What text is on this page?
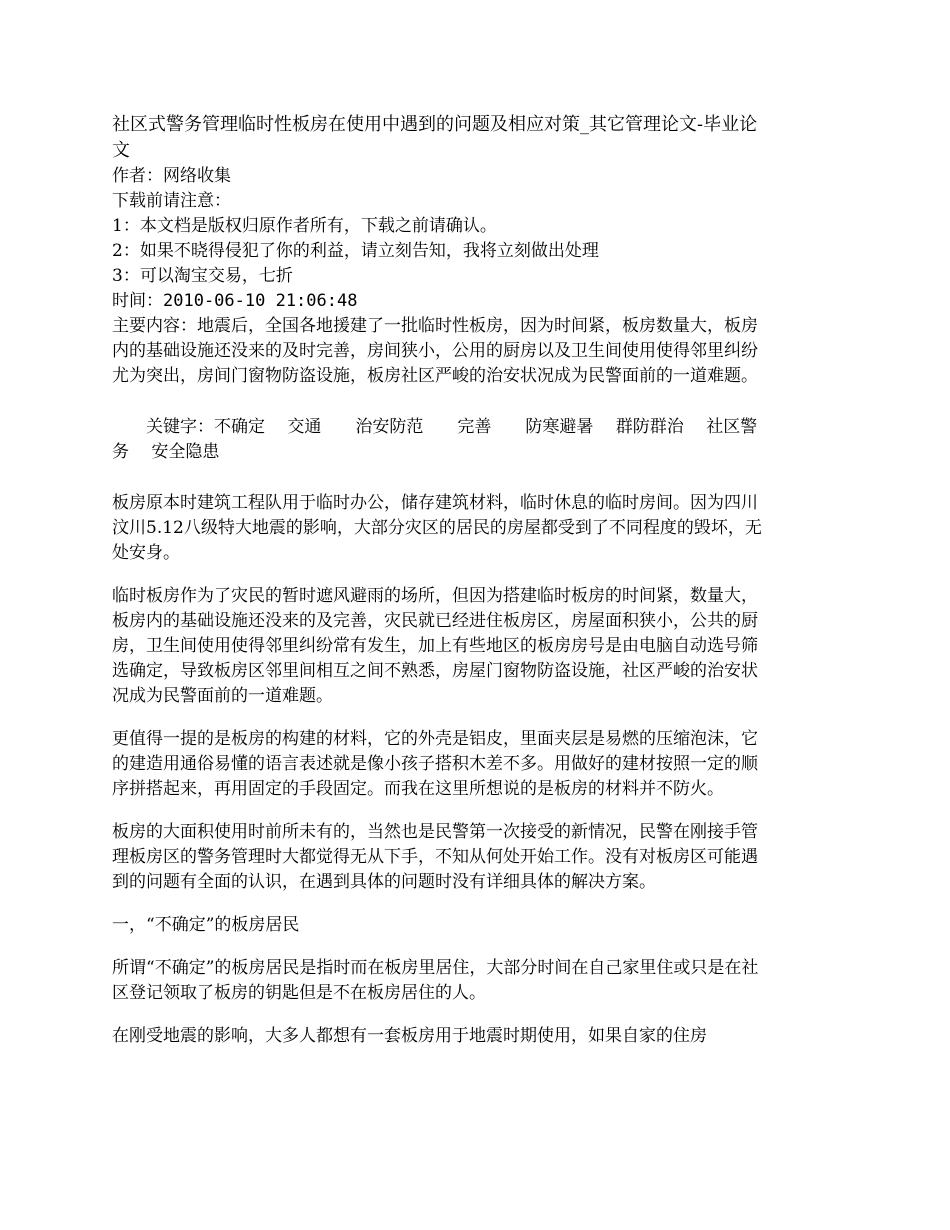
社区式警务管理临时性板房在使用中遇到的问题及相应对策_其它管理论文-毕业论文

作者：网络收集

下载前请注意：

1：本文档是版权归原作者所有，下载之前请确认。

2：如果不晓得侵犯了你的利益，请立刻告知，我将立刻做出处理

3：可以淘宝交易，七折

时间：2010-06-10 21:06:48

主要内容：地震后，全国各地援建了一批临时性板房，因为时间紧，板房数量大，板房内的基础设施还没来的及时完善，房间狭小，公用的厨房以及卫生间使用使得邻里纠纷尤为突出，房间门窗物防盗设施，板房社区严峻的治安状况成为民警面前的一道难题。

关键字：不确定　 交通　　治安防范　　完善　　防寒避暑　 群防群治　 社区警务　 安全隐患

板房原本时建筑工程队用于临时办公，储存建筑材料，临时休息的临时房间。因为四川汶川5.12八级特大地震的影响，大部分灾区的居民的房屋都受到了不同程度的毁坏，无处安身。

临时板房作为了灾民的暂时遮风避雨的场所，但因为搭建临时板房的时间紧，数量大，板房内的基础设施还没来的及完善，灾民就已经进住板房区，房屋面积狭小，公共的厨房，卫生间使用使得邻里纠纷常有发生，加上有些地区的板房房号是由电脑自动选号筛选确定，导致板房区邻里间相互之间不熟悉，房屋门窗物防盗设施，社区严峻的治安状况成为民警面前的一道难题。

更值得一提的是板房的构建的材料，它的外壳是铝皮，里面夹层是易燃的压缩泡沫，它的建造用通俗易懂的语言表述就是像小孩子搭积木差不多。用做好的建材按照一定的顺序拼搭起来，再用固定的手段固定。而我在这里所想说的是板房的材料并不防火。

板房的大面积使用时前所未有的，当然也是民警第一次接受的新情况，民警在刚接手管理板房区的警务管理时大都觉得无从下手，不知从何处开始工作。没有对板房区可能遇到的问题有全面的认识，在遇到具体的问题时没有详细具体的解决方案。

一，“不确定”的板房居民

所谓“不确定”的板房居民是指时而在板房里居住，大部分时间在自己家里住或只是在社区登记领取了板房的钥匙但是不在板房居住的人。

在刚受地震的影响，大多人都想有一套板房用于地震时期使用，如果自家的住房
